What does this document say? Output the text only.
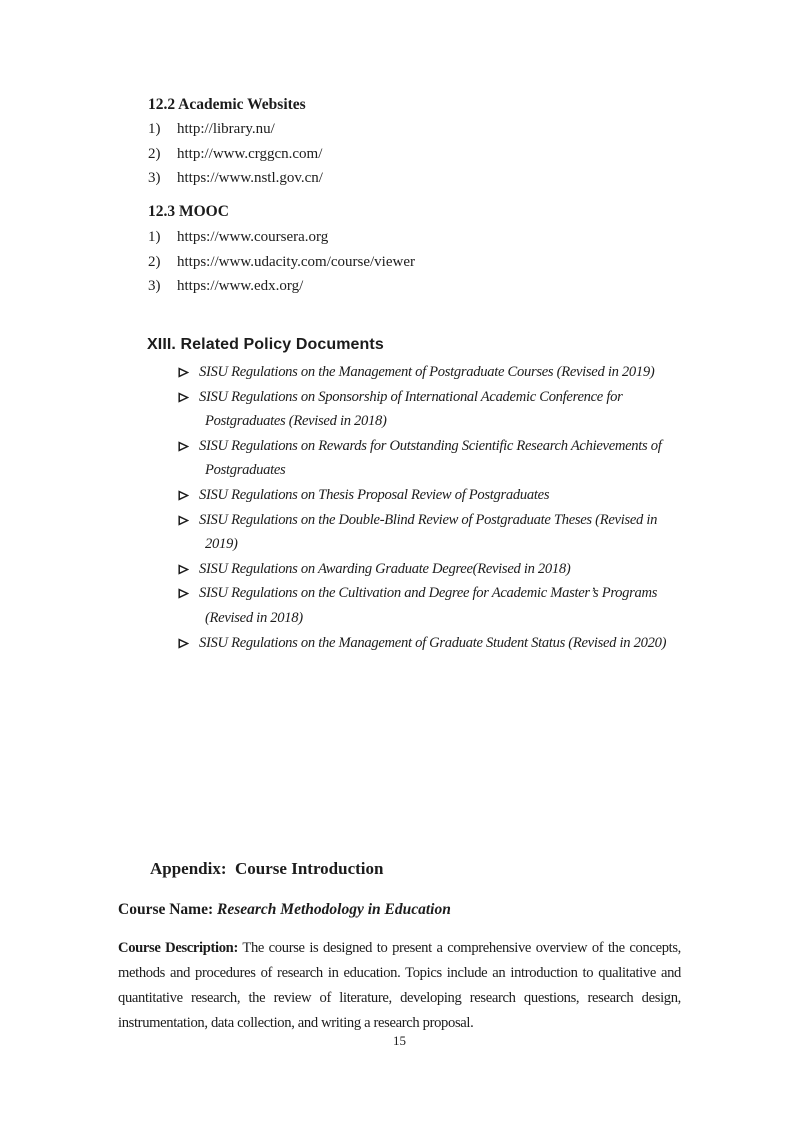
12.2 Academic Websites
1)	http://library.nu/
2)	http://www.crggcn.com/
3)	https://www.nstl.gov.cn/
12.3 MOOC
1)	https://www.coursera.org
2)	https://www.udacity.com/course/viewer
3)	https://www.edx.org/
XIII. Related Policy Documents
SISU Regulations on the Management of Postgraduate Courses (Revised in 2019)
SISU Regulations on Sponsorship of International Academic Conference for Postgraduates (Revised in 2018)
SISU Regulations on Rewards for Outstanding Scientific Research Achievements of Postgraduates
SISU Regulations on Thesis Proposal Review of Postgraduates
SISU Regulations on the Double-Blind Review of Postgraduate Theses (Revised in 2019)
SISU Regulations on Awarding Graduate Degree(Revised in 2018)
SISU Regulations on the Cultivation and Degree for Academic Master’s Programs (Revised in 2018)
SISU Regulations on the Management of Graduate Student Status (Revised in 2020)
Appendix:  Course Introduction
Course Name: Research Methodology in Education
Course Description: The course is designed to present a comprehensive overview of the concepts, methods and procedures of research in education. Topics include an introduction to qualitative and quantitative research, the review of literature, developing research questions, research design, instrumentation, data collection, and writing a research proposal.
15
